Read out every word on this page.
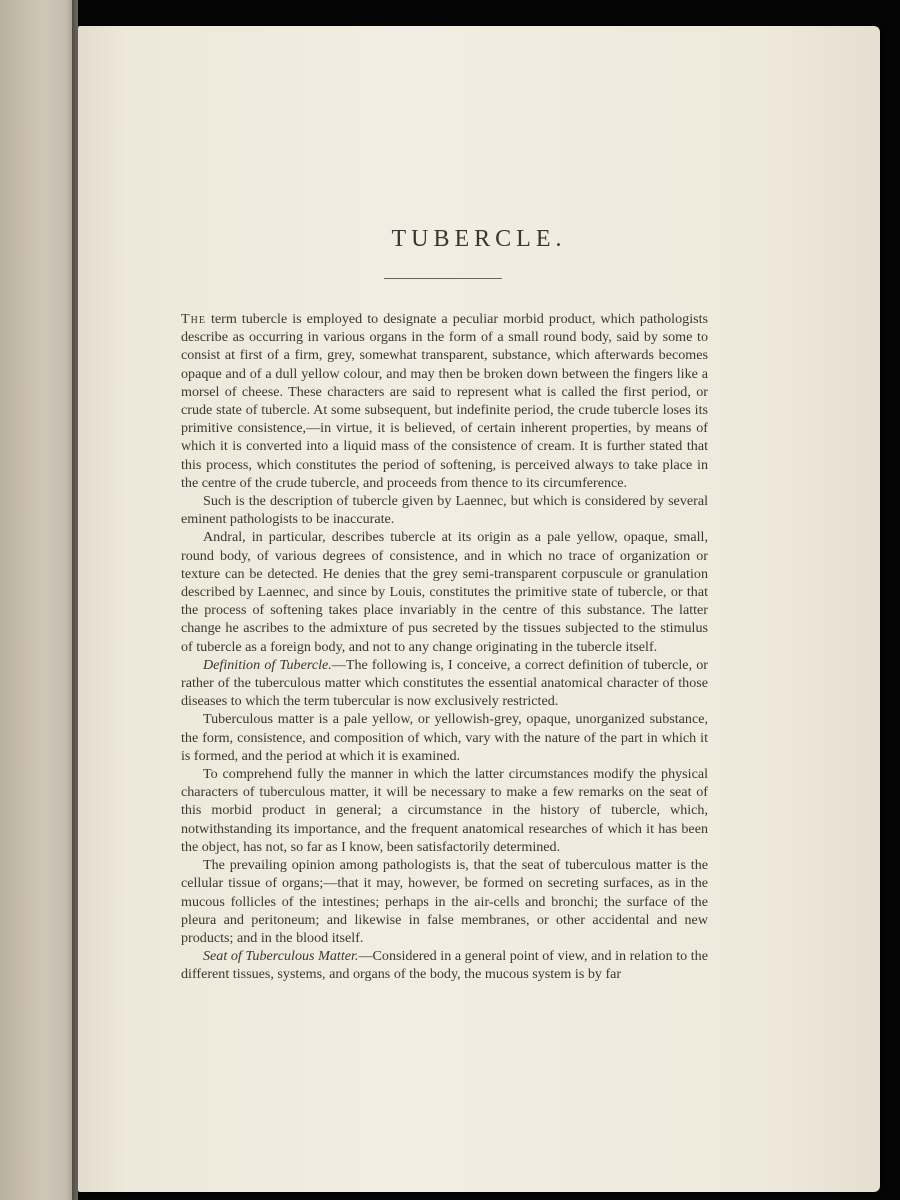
TUBERCLE.

The term tubercle is employed to designate a peculiar morbid product, which pathologists describe as occurring in various organs in the form of a small round body, said by some to consist at first of a firm, grey, somewhat transparent, substance, which afterwards becomes opaque and of a dull yellow colour, and may then be broken down between the fingers like a morsel of cheese. These characters are said to represent what is called the first period, or crude state of tubercle. At some subsequent, but indefinite period, the crude tubercle loses its primitive consistence,—in virtue, it is believed, of certain inherent properties, by means of which it is converted into a liquid mass of the consistence of cream. It is further stated that this process, which constitutes the period of softening, is perceived always to take place in the centre of the crude tubercle, and proceeds from thence to its circumference.

Such is the description of tubercle given by Laennec, but which is considered by several eminent pathologists to be inaccurate.

Andral, in particular, describes tubercle at its origin as a pale yellow, opaque, small, round body, of various degrees of consistence, and in which no trace of organization or texture can be detected. He denies that the grey semi-transparent corpuscule or granulation described by Laennec, and since by Louis, constitutes the primitive state of tubercle, or that the process of softening takes place invariably in the centre of this substance. The latter change he ascribes to the admixture of pus secreted by the tissues subjected to the stimulus of tubercle as a foreign body, and not to any change originating in the tubercle itself.

Definition of Tubercle.—The following is, I conceive, a correct definition of tubercle, or rather of the tuberculous matter which constitutes the essential anatomical character of those diseases to which the term tubercular is now exclusively restricted.

Tuberculous matter is a pale yellow, or yellowish-grey, opaque, unorganized substance, the form, consistence, and composition of which, vary with the nature of the part in which it is formed, and the period at which it is examined.

To comprehend fully the manner in which the latter circumstances modify the physical characters of tuberculous matter, it will be necessary to make a few remarks on the seat of this morbid product in general; a circumstance in the history of tubercle, which, notwithstanding its importance, and the frequent anatomical researches of which it has been the object, has not, so far as I know, been satisfactorily determined.

The prevailing opinion among pathologists is, that the seat of tuberculous matter is the cellular tissue of organs;—that it may, however, be formed on secreting surfaces, as in the mucous follicles of the intestines; perhaps in the air-cells and bronchi; the surface of the pleura and peritoneum; and likewise in false membranes, or other accidental and new products; and in the blood itself.

Seat of Tuberculous Matter.—Considered in a general point of view, and in relation to the different tissues, systems, and organs of the body, the mucous system is by far
